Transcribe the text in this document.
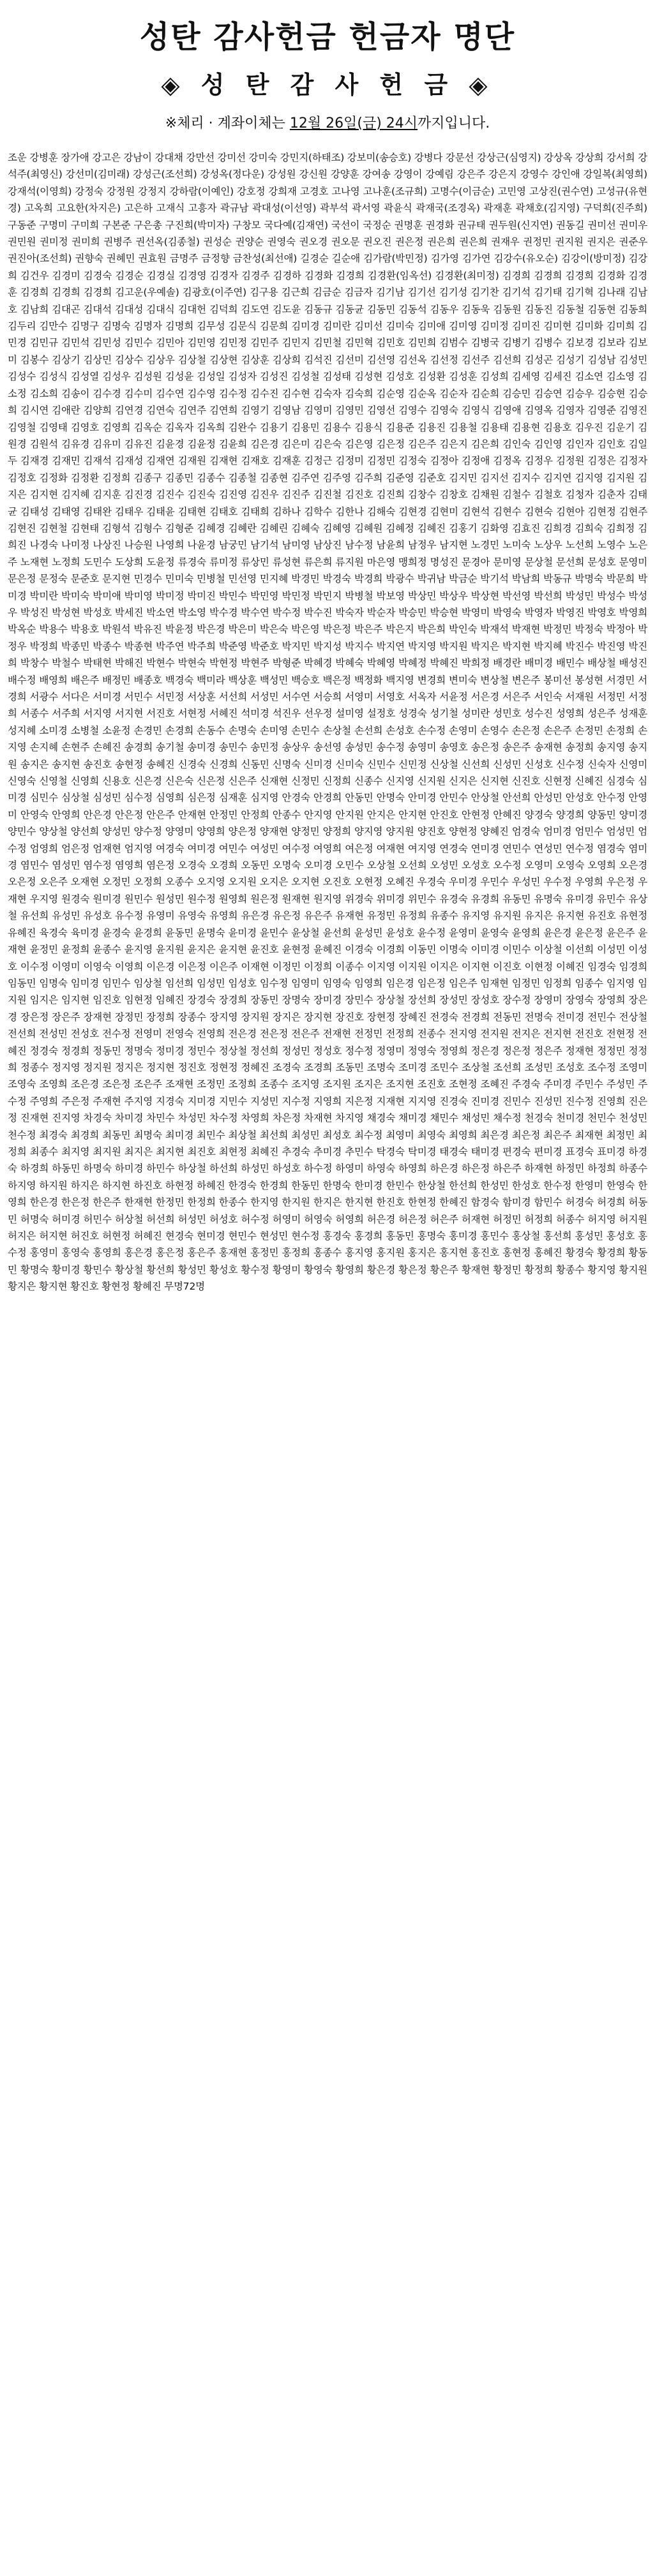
성탄 감사헌금 헌금자 명단
◈ 성 탄 감 사 헌 금 ◈

※체리 · 계좌이체는 12월 26일(금) 24시까지입니다.

조운 강병훈 장가애 강고은 강남이 강대채 강만선 강미선 강미숙 강민지(하태조) 강보미(송승호) 강병다 강문선 강상근(심영지) 강상옥 강상희 강서희 강석주(최영신) 강선미(김미래) 강성근(조선희) 강성옥(정다운) 강성원 강신원 강양훈 강여송 강영이 강예림 강은주 강은지 강영수 강인애 강일복(최영희) 강재석(이영희) 강정숙 강정원 강정지 강하람(이예인) 강호정 강희재 고경호 고나영 고나훈(조규희) 고명수(이금순) 고민영 고상진(권수연) 고성규(유현경) 고옥희 고요한(차지은) 고은하 고재식 고흥자 곽규남 곽대성(이선영) 곽부석 곽서영 곽윤식 곽재국(조경옥) 곽재훈 곽채호(김지영) 구덕희(진주희) 구동준 구명미 구미희 구본준 구은총 구진희(박미자) 구창모 국다예(김재연) 국선이 국정순 권명훈 권경화 권규태 권두원(신지연) 권동길 권미선 권미우 권민원 권미정 권미희 권병주 권선옥(김종철) 권성순 권양순 권영숙 권오경 권오문 권오진 권은정 권은희 권은희 권재우 권정민 권지원 권지은 권준우 권진아(조선희) 권향숙 권혜민 권효원 금명주 금정향 금찬성(최선애) 길경순 길순애 김가람(박민정) 김가영 김가연 김강수(유오순) 김강이(방미정) 김강희 김건우 김경미 김경숙 김경순 김경실 김경영 김경자 김경주 김경하 김경화 김경희 김경환(임옥선) 김경환(최미정) 김경희 김경희 김경희 김경화 김경훈 김경희 김경희 김경희 김고운(우예솔) 김광호(이주연) 김구용 김근희 김금순 김금자 김기남 김기선 김기성 김기찬 김기석 김기태 김기혁 김나래 김남호 김남희 김대곤 김대석 김대성 김대식 김대헌 김덕희 김도연 김도윤 김동규 김동균 김동민 김동석 김동우 김동욱 김동원 김동진 김동철 김동현 김동희 김두리 김만수 김명구 김명숙 김명자 김명희 김무성 김문식 김문희 김미경 김미란 김미선 김미숙 김미애 김미영 김미정 김미진 김미현 김미화 김미희 김민경 김민규 김민석 김민성 김민수 김민아 김민영 김민정 김민주 김민지 김민철 김민혁 김민호 김민희 김범수 김병국 김병기 김병수 김보경 김보라 김보미 김봉수 김상기 김상민 김상수 김상우 김상철 김상현 김상훈 김상희 김석진 김선미 김선영 김선옥 김선정 김선주 김선희 김성곤 김성기 김성남 김성민 김성수 김성식 김성열 김성우 김성원 김성윤 김성일 김성자 김성진 김성철 김성태 김성현 김성호 김성환 김성훈 김성희 김세영 김세진 김소연 김소영 김소정 김소희 김송이 김수경 김수미 김수연 김수영 김수정 김수진 김수현 김숙자 김숙희 김순영 김순옥 김순자 김순희 김승민 김승연 김승우 김승현 김승희 김시연 김애란 김양희 김연경 김연숙 김연주 김연희 김영기 김영남 김영미 김영민 김영선 김영수 김영숙 김영식 김영애 김영옥 김영자 김영준 김영진 김영철 김영태 김영호 김영희 김옥순 김옥자 김옥희 김완수 김용기 김용민 김용수 김용식 김용준 김용진 김용철 김용태 김용현 김용호 김우진 김운기 김원경 김원석 김유경 김유미 김유진 김윤경 김윤정 김윤희 김은경 김은미 김은숙 김은영 김은정 김은주 김은지 김은희 김인숙 김인영 김인자 김인호 김일두 김재경 김재민 김재석 김재성 김재연 김재원 김재현 김재호 김재훈 김정근 김정미 김정민 김정숙 김정아 김정애 김정옥 김정우 김정원 김정은 김정자 김정호 김정화 김정환 김정희 김종구 김종민 김종수 김종철 김종현 김주연 김주영 김주희 김준영 김준호 김지민 김지선 김지수 김지연 김지영 김지원 김지은 김지현 김지혜 김지훈 김진경 김진수 김진숙 김진영 김진우 김진주 김진철 김진호 김진희 김창수 김창호 김채원 김철수 김철호 김청자 김춘자 김태균 김태성 김태영 김태완 김태우 김태윤 김태현 김태호 김태희 김하나 김학수 김한나 김해숙 김현경 김현미 김현석 김현수 김현숙 김현아 김현정 김현주 김현진 김현철 김현태 김형석 김형수 김형준 김혜경 김혜란 김혜린 김혜숙 김혜영 김혜원 김혜정 김혜진 김홍기 김화영 김효진 김희경 김희숙 김희정 김희진 나경숙 나미정 나상진 나승원 나영희 나윤경 남궁민 남기석 남미영 남상진 남수정 남윤희 남정우 남지현 노경민 노미숙 노상우 노선희 노영수 노은주 노재현 노정희 도민수 도상희 도윤정 류경숙 류미정 류상민 류성현 류은희 류지원 마은영 맹희정 명성진 문경아 문미영 문상철 문선희 문성호 문영미 문은정 문정숙 문준호 문지현 민경수 민미숙 민병철 민선영 민지혜 박경민 박경숙 박경희 박광수 박귀남 박금순 박기석 박남희 박동규 박명숙 박문희 박미경 박미란 박미숙 박미애 박미영 박미정 박미진 박민수 박민영 박민정 박민지 박병철 박보영 박상민 박상우 박상현 박선영 박선희 박성민 박성수 박성우 박성진 박성현 박성호 박세진 박소연 박소영 박수경 박수연 박수정 박수진 박숙자 박순자 박승민 박승현 박영미 박영숙 박영자 박영진 박영호 박영희 박옥순 박용수 박용호 박원석 박유진 박윤정 박은경 박은미 박은숙 박은영 박은정 박은주 박은지 박은희 박인숙 박재석 박재현 박정민 박정숙 박정아 박정우 박정희 박종민 박종수 박종현 박주연 박주희 박준영 박준호 박지민 박지성 박지수 박지연 박지영 박지원 박지은 박지현 박지혜 박진수 박진영 박진희 박창수 박철수 박태현 박해진 박현수 박현숙 박현정 박현주 박형준 박혜경 박혜숙 박혜영 박혜정 박혜진 박희정 배경란 배미경 배민수 배상철 배성진 배수정 배영희 배은주 배정민 배종호 백경숙 백미라 백상훈 백성민 백승호 백은정 백정화 백지영 변경희 변미숙 변상철 변은주 봉미선 봉성현 서경민 서경희 서광수 서다은 서미경 서민수 서민정 서상훈 서선희 서성민 서수연 서승희 서영미 서영호 서옥자 서윤정 서은경 서은주 서인숙 서재원 서정민 서정희 서종수 서주희 서지영 서지현 서진호 서현정 서혜진 석미경 석진우 선우정 설미영 설정호 성경숙 성기철 성미란 성민호 성수진 성영희 성은주 성재훈 성지혜 소미경 소병철 소윤정 손경민 손경희 손동수 손명숙 손미영 손민수 손상철 손선희 손성호 손수정 손영미 손영수 손은정 손은주 손정민 손정희 손지영 손지혜 손현주 손혜진 송경희 송기철 송미경 송민수 송민정 송상우 송선영 송성민 송수정 송영미 송영호 송은정 송은주 송재현 송정희 송지영 송지원 송지은 송지현 송진호 송현정 송혜진 신경숙 신경희 신동민 신명숙 신미경 신미숙 신민수 신민정 신상철 신선희 신성민 신성호 신수정 신숙자 신영미 신영숙 신영철 신영희 신용호 신은경 신은숙 신은정 신은주 신재현 신정민 신정희 신종수 신지영 신지원 신지은 신지현 신진호 신현정 신혜진 심경숙 심미경 심민수 심상철 심성민 심수정 심영희 심은정 심재훈 심지영 안경숙 안경희 안동민 안명숙 안미경 안민수 안상철 안선희 안성민 안성호 안수정 안영미 안영숙 안영희 안은경 안은정 안은주 안재현 안정민 안정희 안종수 안지영 안지원 안지은 안지현 안진호 안현정 안혜진 양경숙 양경희 양동민 양미경 양민수 양상철 양선희 양성민 양수정 양영미 양영희 양은정 양재현 양정민 양정희 양지영 양지원 양진호 양현정 양혜진 엄경숙 엄미경 엄민수 엄성민 엄수정 엄영희 엄은정 엄재현 엄지영 여경숙 여미경 여민수 여성민 여수정 여영희 여은정 여재현 여지영 연경숙 연미경 연민수 연성민 연수정 염경숙 염미경 염민수 염성민 염수정 염영희 염은정 오경숙 오경희 오동민 오명숙 오미경 오민수 오상철 오선희 오성민 오성호 오수정 오영미 오영숙 오영희 오은경 오은정 오은주 오재현 오정민 오정희 오종수 오지영 오지원 오지은 오지현 오진호 오현정 오혜진 우경숙 우미경 우민수 우성민 우수정 우영희 우은정 우재현 우지영 원경숙 원미경 원민수 원성민 원수정 원영희 원은정 원재현 원지영 위경숙 위미경 위민수 유경숙 유경희 유동민 유명숙 유미경 유민수 유상철 유선희 유성민 유성호 유수정 유영미 유영숙 유영희 유은경 유은정 유은주 유재현 유정민 유정희 유종수 유지영 유지원 유지은 유지현 유진호 유현정 유혜진 육경숙 육미경 윤경숙 윤경희 윤동민 윤명숙 윤미경 윤민수 윤상철 윤선희 윤성민 윤성호 윤수정 윤영미 윤영숙 윤영희 윤은경 윤은정 윤은주 윤재현 윤정민 윤정희 윤종수 윤지영 윤지원 윤지은 윤지현 윤진호 윤현정 윤혜진 이경숙 이경희 이동민 이명숙 이미경 이민수 이상철 이선희 이성민 이성호 이수정 이영미 이영숙 이영희 이은경 이은정 이은주 이재현 이정민 이정희 이종수 이지영 이지원 이지은 이지현 이진호 이현정 이혜진 임경숙 임경희 임동민 임명숙 임미경 임민수 임상철 임선희 임성민 임성호 임수정 임영미 임영숙 임영희 임은경 임은정 임은주 임재현 임정민 임정희 임종수 임지영 임지원 임지은 임지현 임진호 임현정 임혜진 장경숙 장경희 장동민 장명숙 장미경 장민수 장상철 장선희 장성민 장성호 장수정 장영미 장영숙 장영희 장은경 장은정 장은주 장재현 장정민 장정희 장종수 장지영 장지원 장지은 장지현 장진호 장현정 장혜진 전경숙 전경희 전동민 전명숙 전미경 전민수 전상철 전선희 전성민 전성호 전수정 전영미 전영숙 전영희 전은경 전은정 전은주 전재현 전정민 전정희 전종수 전지영 전지원 전지은 전지현 전진호 전현정 전혜진 정경숙 정경희 정동민 정명숙 정미경 정민수 정상철 정선희 정성민 정성호 정수정 정영미 정영숙 정영희 정은경 정은정 정은주 정재현 정정민 정정희 정종수 정지영 정지원 정지은 정지현 정진호 정현정 정혜진 조경숙 조경희 조동민 조명숙 조미경 조민수 조상철 조선희 조성민 조성호 조수정 조영미 조영숙 조영희 조은경 조은정 조은주 조재현 조정민 조정희 조종수 조지영 조지원 조지은 조지현 조진호 조현정 조혜진 주경숙 주미경 주민수 주성민 주수정 주영희 주은정 주재현 주지영 지경숙 지미경 지민수 지성민 지수정 지영희 지은정 지재현 지지영 진경숙 진미경 진민수 진성민 진수정 진영희 진은정 진재현 진지영 차경숙 차미경 차민수 차성민 차수정 차영희 차은정 차재현 차지영 채경숙 채미경 채민수 채성민 채수정 천경숙 천미경 천민수 천성민 천수정 최경숙 최경희 최동민 최명숙 최미경 최민수 최상철 최선희 최성민 최성호 최수정 최영미 최영숙 최영희 최은경 최은정 최은주 최재현 최정민 최정희 최종수 최지영 최지원 최지은 최지현 최진호 최현정 최혜진 추경숙 추미경 추민수 탁경숙 탁미경 태경숙 태미경 편경숙 편미경 표경숙 표미경 하경숙 하경희 하동민 하명숙 하미경 하민수 하상철 하선희 하성민 하성호 하수정 하영미 하영숙 하영희 하은경 하은정 하은주 하재현 하정민 하정희 하종수 하지영 하지원 하지은 하지현 하진호 하현정 하혜진 한경숙 한경희 한동민 한명숙 한미경 한민수 한상철 한선희 한성민 한성호 한수정 한영미 한영숙 한영희 한은경 한은정 한은주 한재현 한정민 한정희 한종수 한지영 한지원 한지은 한지현 한진호 한현정 한혜진 함경숙 함미경 함민수 허경숙 허경희 허동민 허명숙 허미경 허민수 허상철 허선희 허성민 허성호 허수정 허영미 허영숙 허영희 허은경 허은정 허은주 허재현 허정민 허정희 허종수 허지영 허지원 허지은 허지현 허진호 허현정 허혜진 현경숙 현미경 현민수 현성민 현수정 홍경숙 홍경희 홍동민 홍명숙 홍미경 홍민수 홍상철 홍선희 홍성민 홍성호 홍수정 홍영미 홍영숙 홍영희 홍은경 홍은정 홍은주 홍재현 홍정민 홍정희 홍종수 홍지영 홍지원 홍지은 홍지현 홍진호 홍현정 홍혜진 황경숙 황경희 황동민 황명숙 황미경 황민수 황상철 황선희 황성민 황성호 황수정 황영미 황영숙 황영희 황은경 황은정 황은주 황재현 황정민 황정희 황종수 황지영 황지원 황지은 황지현 황진호 황현정 황혜진 무명72명
